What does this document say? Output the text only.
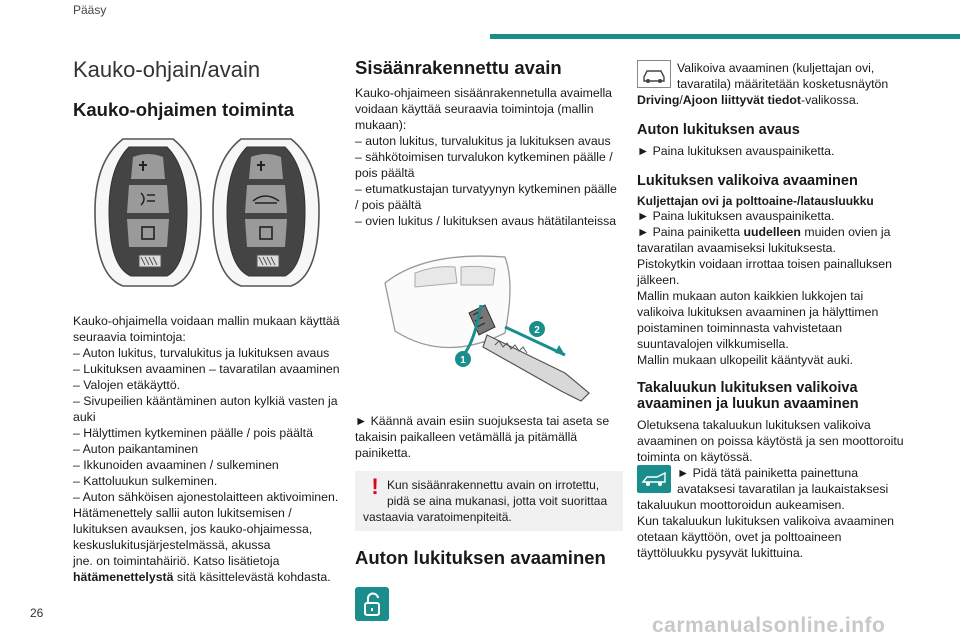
Pääsy
Kauko-ohjain/avain
Kauko-ohjaimen toiminta

Kauko-ohjaimella voidaan mallin mukaan käyttää seuraavia toimintoja:

– Auton lukitus, turvalukitus ja lukituksen avaus

– Lukituksen avaaminen – tavaratilan avaaminen

– Valojen etäkäyttö.

– Sivupeilien kääntäminen auton kylkiä vasten ja auki

– Hälyttimen kytkeminen päälle / pois päältä

– Auton paikantaminen

– Ikkunoiden avaaminen / sulkeminen

– Kattoluukun sulkeminen.

– Auton sähköisen ajonestolaitteen aktivoiminen.

Hätämenettely sallii auton lukitsemisen / lukituksen avauksen, jos kauko-ohjaimessa, keskuslukitusjärjestelmässä, akussa

jne. on toimintahäiriö. Katso lisätietoja

hätämenettelystä sitä käsittelevästä kohdasta.

Sisäänrakennettu avain

Kauko-ohjaimeen sisäänrakennetulla avaimella voidaan käyttää seuraavia toimintoja (mallin mukaan):

– auton lukitus, turvalukitus ja lukituksen avaus

– sähkötoimisen turvalukon kytkeminen päälle / pois päältä

– etumatkustajan turvatyynyn kytkeminen päälle / pois päältä

– ovien lukitus / lukituksen avaus hätätilanteissa

1
2

► Käännä avain esiin suojuksesta tai aseta se takaisin paikalleen vetämällä ja pitämällä painiketta.

! Kun sisäänrakennettu avain on irrotettu, pidä se aina mukanasi, jotta voit suorittaa vastaavia varatoimenpiteitä.
Auton lukituksen avaaminen

Valikoiva avaaminen (kuljettajan ovi,

tavaratila) määritetään kosketusnäytön

Driving/Ajoon liittyvät tiedot-valikossa.

Auton lukituksen avaus

► Paina lukituksen avauspainiketta.

Lukituksen valikoiva avaaminen
Kuljettajan ovi ja polttoaine-/latausluukku

► Paina lukituksen avauspainiketta.

► Paina painiketta uudelleen muiden ovien ja tavaratilan avaamiseksi lukituksesta.

Pistokytkin voidaan irrottaa toisen painalluksen jälkeen.

Mallin mukaan auton kaikkien lukkojen tai valikoiva lukituksen avaaminen ja hälyttimen poistaminen toiminnasta vahvistetaan suuntavalojen vilkkumisella.

Mallin mukaan ulkopeilit kääntyvät auki.

Takaluukun lukituksen valikoiva avaaminen ja luukun avaaminen

Oletuksena takaluukun lukituksen valikoiva avaaminen on poissa käytöstä ja sen moottoroitu toiminta on käytössä.

► Pidä tätä painiketta painettuna

avataksesi tavaratilan ja laukaistaksesi

takaluukun moottoroidun aukeamisen.

Kun takaluukun lukituksen valikoiva avaaminen otetaan käyttöön, ovet ja polttoaineen täyttöluukku pysyvät lukittuina.

26
carmanualsonline.info
